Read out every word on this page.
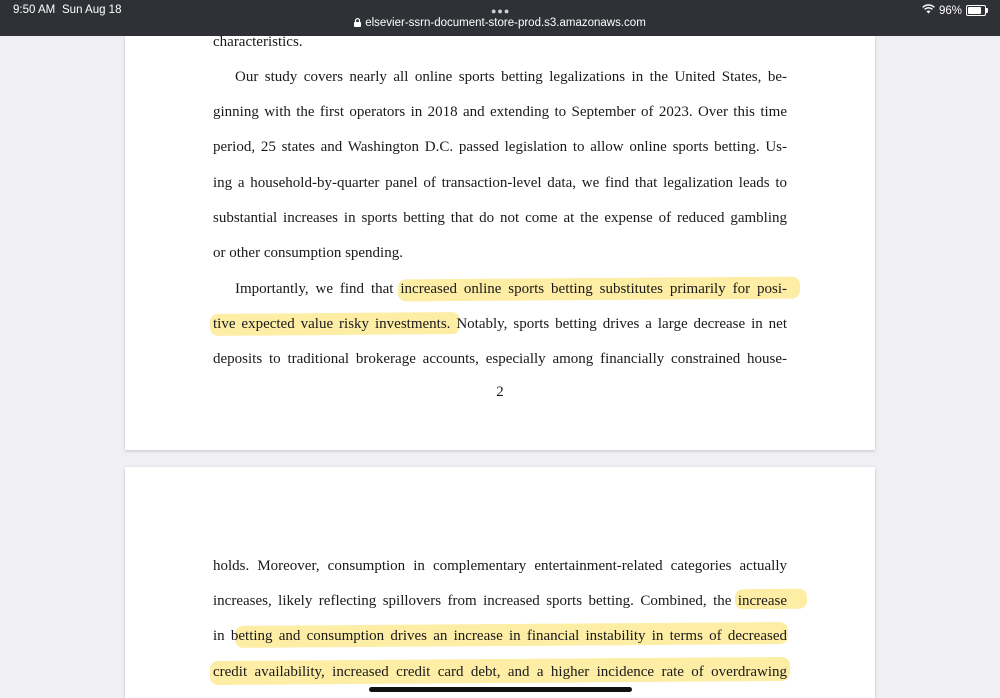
9:50 AM Sun Aug 18	●●●
elsevier-ssrn-document-store-prod.s3.amazonaws.com
96%
characteristics.
Our study covers nearly all online sports betting legalizations in the United States, be-
ginning with the first operators in 2018 and extending to September of 2023. Over this time
period, 25 states and Washington D.C. passed legislation to allow online sports betting. Us-
ing a household-by-quarter panel of transaction-level data, we find that legalization leads to
substantial increases in sports betting that do not come at the expense of reduced gambling
or other consumption spending.
Importantly, we find that increased online sports betting substitutes primarily for posi-
tive expected value risky investments. Notably, sports betting drives a large decrease in net
deposits to traditional brokerage accounts, especially among financially constrained house-
2
holds. Moreover, consumption in complementary entertainment-related categories actually
increases, likely reflecting spillovers from increased sports betting. Combined, the increase
in betting and consumption drives an increase in financial instability in terms of decreased
credit availability, increased credit card debt, and a higher incidence rate of overdrawing
